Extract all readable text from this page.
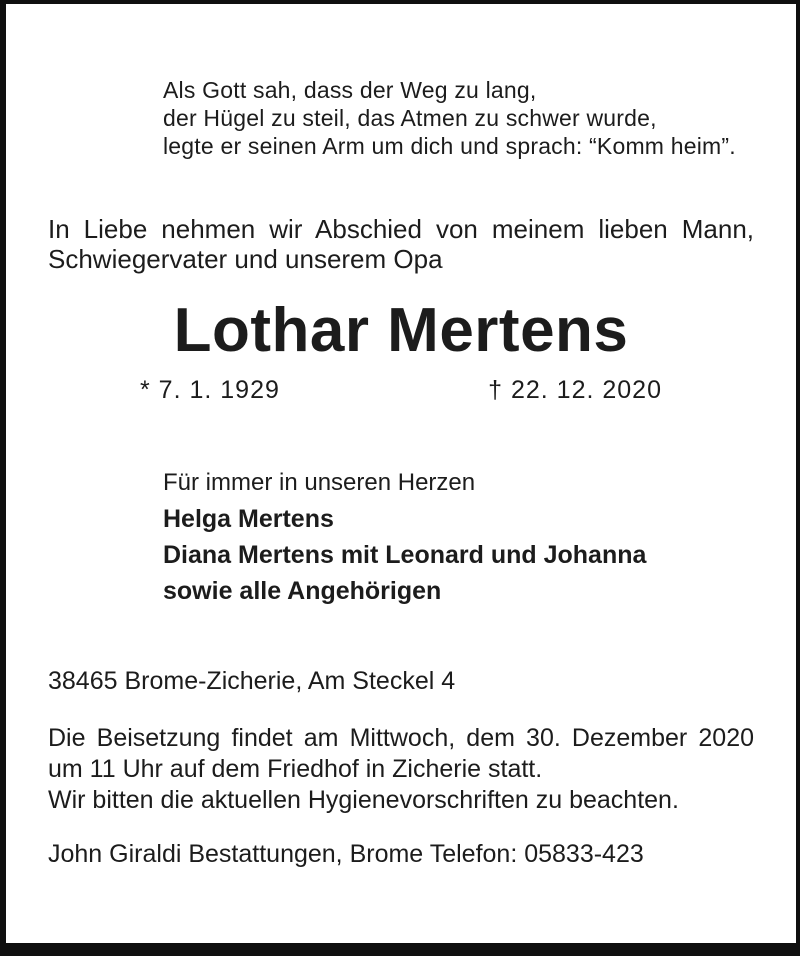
Als Gott sah, dass der Weg zu lang,
der Hügel zu steil, das Atmen zu schwer wurde,
legte er seinen Arm um dich und sprach: “Komm heim”.
In Liebe nehmen wir Abschied von meinem lieben Mann,
Schwiegervater und unserem Opa
Lothar Mertens
* 7. 1. 1929	† 22. 12. 2020
Für immer in unseren Herzen
Helga Mertens
Diana Mertens mit Leonard und Johanna
sowie alle Angehörigen
38465 Brome-Zicherie, Am Steckel 4
Die Beisetzung findet am Mittwoch, dem 30. Dezember 2020
um 11 Uhr auf dem Friedhof in Zicherie statt.
Wir bitten die aktuellen Hygienevorschriften zu beachten.
John Giraldi Bestattungen, Brome Telefon: 05833-423
